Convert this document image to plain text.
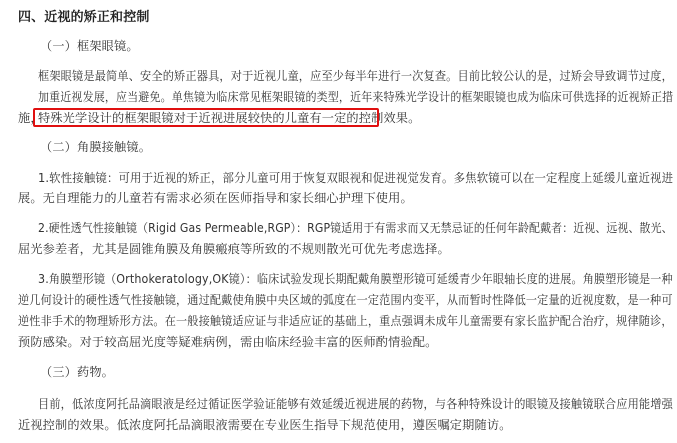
四、近视的矫正和控制
（一）框架眼镜。
框架眼镜是最简单、安全的矫正器具，对于近视儿童，应至少每半年进行一次复查。目前比较公认的是，过矫会导致调节过度，
加重近视发展，应当避免。单焦镜为临床常见框架眼镜的类型，近年来特殊光学设计的框架眼镜也成为临床可供选择的近视矫正措
施，
特殊光学设计的框架眼镜对于近视进展较快的儿童有一定的控制效果。
（二）角膜接触镜。
1.软性接触镜：可用于近视的矫正，部分儿童可用于恢复双眼视和促进视觉发育。多焦软镜可以在一定程度上延缓儿童近视进
展。无自理能力的儿童若有需求必须在医师指导和家长细心护理下使用。
2.硬性透气性接触镜（Rigid Gas Permeable,RGP）：RGP镜适用于有需求而又无禁忌证的任何年龄配戴者：近视、远视、散光、
屈光参差者，尤其是圆锥角膜及角膜瘢痕等所致的不规则散光可优先考虑选择。
3.角膜塑形镜（Orthokeratology,OK镜）：临床试验发现长期配戴角膜塑形镜可延缓青少年眼轴长度的进展。角膜塑形镜是一种
逆几何设计的硬性透气性接触镜，通过配戴使角膜中央区域的弧度在一定范围内变平，从而暂时性降低一定量的近视度数，是一种可
逆性非手术的物理矫形方法。在一般接触镜适应证与非适应证的基础上，重点强调未成年儿童需要有家长监护配合治疗，规律随诊，
预防感染。对于较高屈光度等疑难病例，需由临床经验丰富的医师酌情验配。
（三）药物。
目前，低浓度阿托品滴眼液是经过循证医学验证能够有效延缓近视进展的药物，与各种特殊设计的眼镜及接触镜联合应用能增强
近视控制的效果。低浓度阿托品滴眼液需要在专业医生指导下规范使用，遵医嘱定期随访。
